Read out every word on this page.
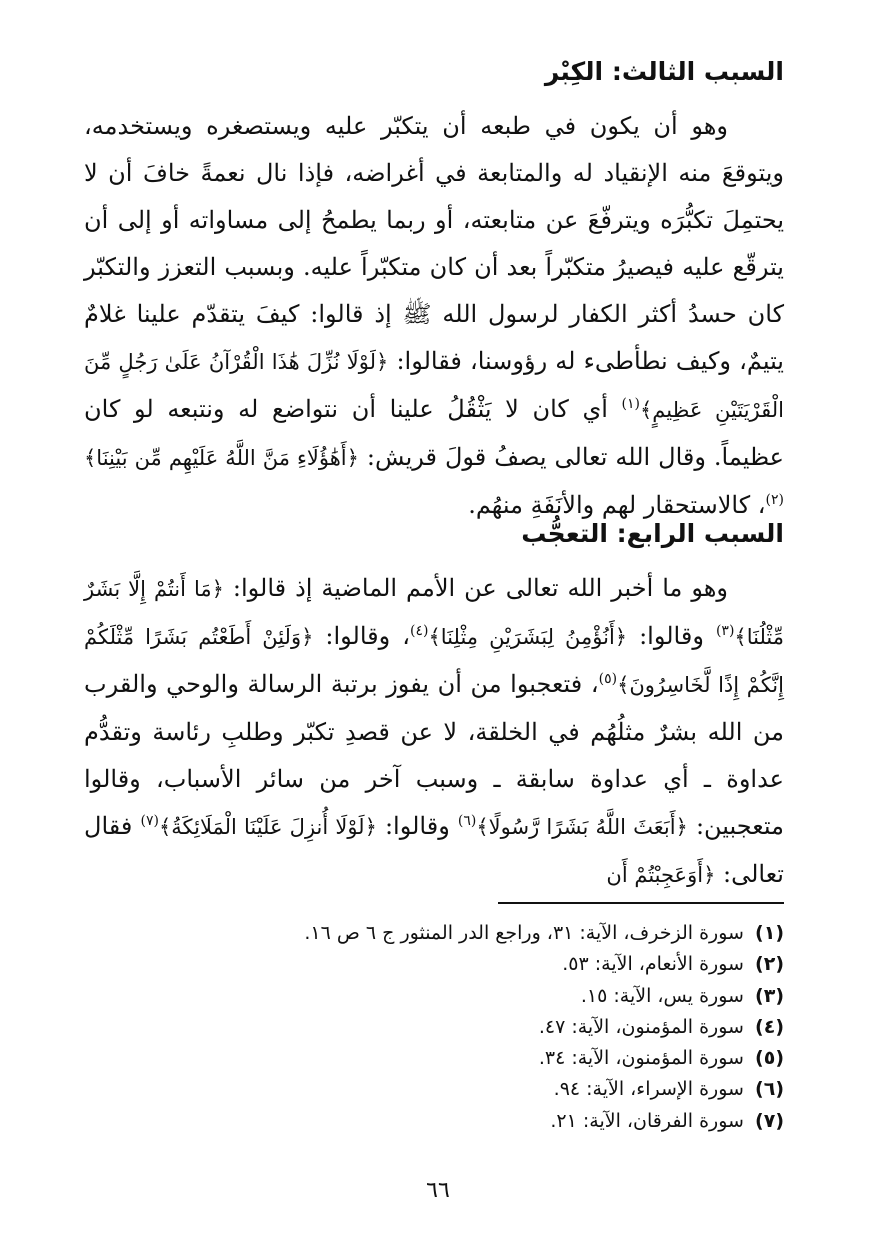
السبب الثالث: الكِبْر
وهو أن يكون في طبعه أن يتكبّر عليه ويستصغره ويستخدمه، ويتوقعَ منه الإنقياد له والمتابعة في أغراضه، فإذا نال نعمةً خافَ أن لا يحتمِلَ تكبُّرَه ويترفّعَ عن متابعته، أو ربما يطمحُ إلى مساواته أو إلى أن يترقّع عليه فيصيرُ متكبّراً بعد أن كان متكبّراً عليه. وبسبب التعزز والتكبّر كان حسدُ أكثر الكفار لرسول الله ﷺ إذ قالوا: كيفَ يتقدّم علينا غلامٌ يتيمٌ، وكيف نطأطىء له رؤوسنا، فقالوا: ﴿لَوْلَا نُزِّلَ هَٰذَا الْقُرْآنُ عَلَىٰ رَجُلٍ مِّنَ الْقَرْيَتَيْنِ عَظِيمٍ﴾$^{(١)}$ أي كان لا يَثْقُلُ علينا أن نتواضع له ونتبعه لو كان عظيماً. وقال الله تعالى يصفُ قولَ قريش: ﴿أَهَٰؤُلَاءِ مَنَّ اللَّهُ عَلَيْهِم مِّن بَيْنِنَا﴾$^{(٢)}$، كالاستحقار لهم والأنَفَةِ منهُم.
السبب الرابع: التعجُّب
وهو ما أخبر الله تعالى عن الأمم الماضية إذ قالوا: ﴿مَا أَنتُمْ إِلَّا بَشَرٌ مِّثْلُنَا﴾$^{(٣)}$ وقالوا: ﴿أَنُؤْمِنُ لِبَشَرَيْنِ مِثْلِنَا﴾$^{(٤)}$، وقالوا: ﴿وَلَئِنْ أَطَعْتُم بَشَرًا مِّثْلَكُمْ إِنَّكُمْ إِذًا لَّخَاسِرُونَ﴾$^{(٥)}$، فتعجبوا من أن يفوز برتبة الرسالة والوحي والقرب من الله بشرٌ مثلُهُم في الخلقة، لا عن قصدِ تكبّر وطلبِ رئاسة وتقدُّم عداوة ـ أي عداوة سابقة ـ وسبب آخر من سائر الأسباب، وقالوا متعجبين: ﴿أَبَعَثَ اللَّهُ بَشَرًا رَّسُولًا﴾$^{(٦)}$ وقالوا: ﴿لَوْلَا أُنزِلَ عَلَيْنَا الْمَلَائِكَةُ﴾$^{(٧)}$ فقال تعالى: ﴿أَوَعَجِبْتُمْ أَن
(١) سورة الزخرف، الآية: ٣١، وراجع الدر المنثور ج ٦ ص ١٦.
(٢) سورة الأنعام، الآية: ٥٣.
(٣) سورة يس، الآية: ١٥.
(٤) سورة المؤمنون، الآية: ٤٧.
(٥) سورة المؤمنون، الآية: ٣٤.
(٦) سورة الإسراء، الآية: ٩٤.
(٧) سورة الفرقان، الآية: ٢١.
٦٦
